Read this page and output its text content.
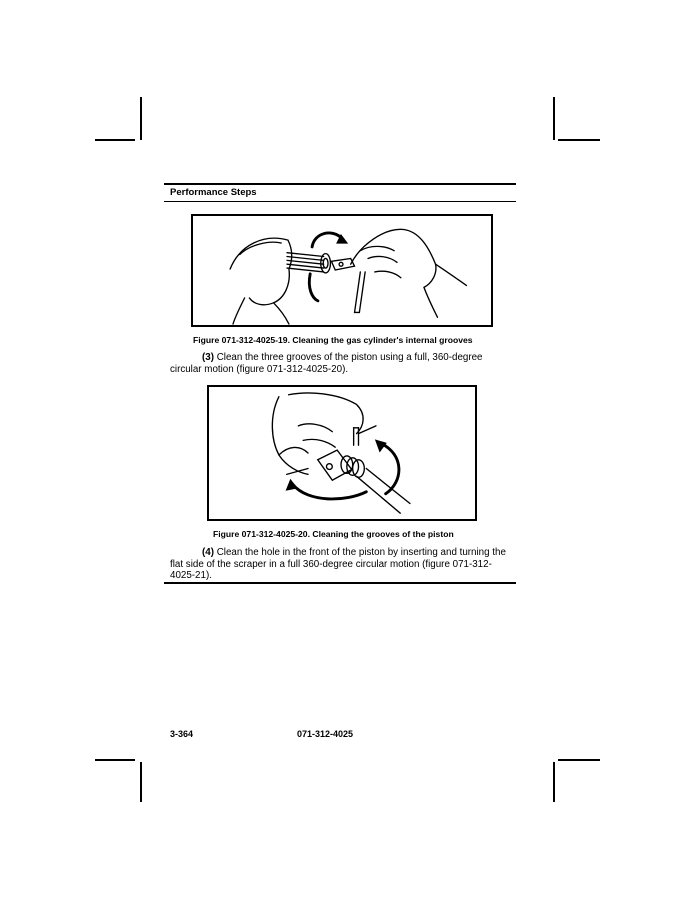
Performance Steps
Figure 071-312-4025-19. Cleaning the gas cylinder's internal grooves
(3) Clean the three grooves of the piston using a full, 360-degree circular motion (figure 071-312-4025-20).
Figure 071-312-4025-20. Cleaning the grooves of the piston
(4) Clean the hole in the front of the piston by inserting and turning the flat side of the scraper in a full 360-degree circular motion (figure 071-312-4025-21).
3-364	071-312-4025
